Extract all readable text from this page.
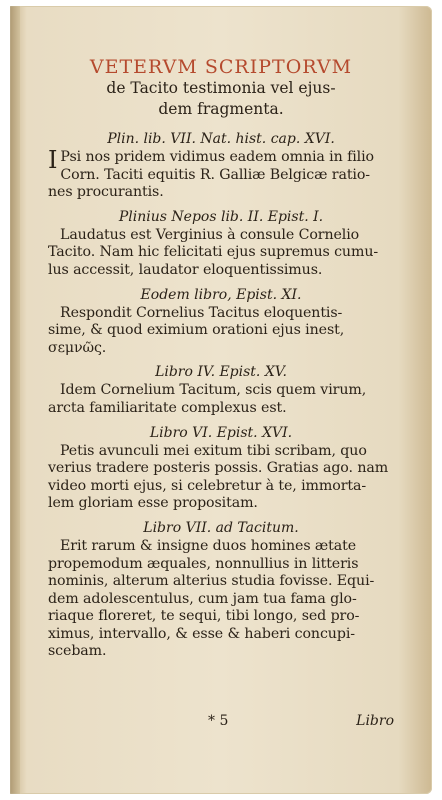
VETERVM SCRIPTORVM
de Tacito testimonia vel ejus-
dem fragmenta.
Plin. lib. VII. Nat. hist. cap. XVI.
I Psi nos pridem vidimus eadem omnia in filio
Corn. Taciti equitis R. Galliæ Belgicæ ratio-
nes procurantis.
Plinius Nepos lib. II. Epist. I.
Laudatus est Verginius à consule Cornelio
Tacito. Nam hic felicitati ejus supremus cumu-
lus accessit, laudator eloquentissimus.
Eodem libro, Epist. XI.
Respondit Cornelius Tacitus eloquentis-
sime, & quod eximium orationi ejus inest,
σεμνῶς.
Libro IV. Epist. XV.
Idem Cornelium Tacitum, scis quem virum,
arcta familiaritate complexus est.
Libro VI. Epist. XVI.
Petis avunculi mei exitum tibi scribam, quo
verius tradere posteris possis. Gratias ago. nam
video morti ejus, si celebretur à te, immorta-
lem gloriam esse propositam.
Libro VII. ad Tacitum.
Erit rarum & insigne duos homines ætate
propemodum æquales, nonnullius in litteris
nominis, alterum alterius studia fovisse. Equi-
dem adolescentulus, cum jam tua fama glo-
riaque floreret, te sequi, tibi longo, sed pro-
ximus, intervallo, & esse & haberi concupi-
scebam.
* 5	Libro
